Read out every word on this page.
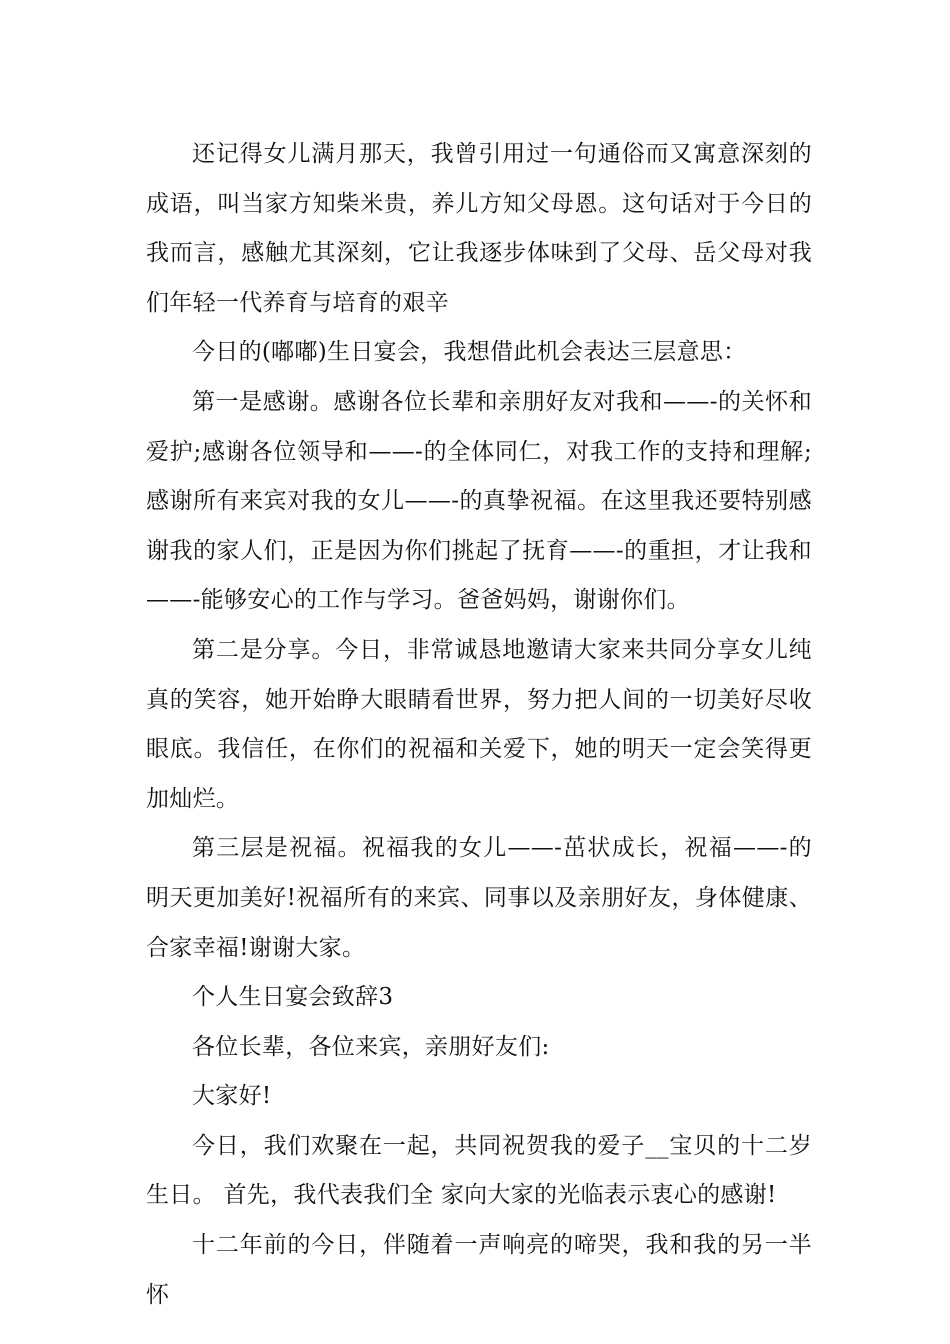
还记得女儿满月那天，我曾引用过一句通俗而又寓意深刻的成语，叫当家方知柴米贵，养儿方知父母恩。这句话对于今日的我而言，感触尤其深刻，它让我逐步体味到了父母、岳父母对我们年轻一代养育与培育的艰辛

今日的(嘟嘟)生日宴会，我想借此机会表达三层意思：

第一是感谢。感谢各位长辈和亲朋好友对我和——-的关怀和爱护;感谢各位领导和——-的全体同仁，对我工作的支持和理解;感谢所有来宾对我的女儿——-的真挚祝福。在这里我还要特别感谢我的家人们，正是因为你们挑起了抚育——-的重担，才让我和——-能够安心的工作与学习。爸爸妈妈，谢谢你们。

第二是分享。今日，非常诚恳地邀请大家来共同分享女儿纯真的笑容，她开始睁大眼睛看世界，努力把人间的一切美好尽收眼底。我信任，在你们的祝福和关爱下，她的明天一定会笑得更加灿烂。

第三层是祝福。祝福我的女儿——-茁状成长，祝福——-的明天更加美好!祝福所有的来宾、同事以及亲朋好友，身体健康、合家幸福!谢谢大家。

个人生日宴会致辞3

各位长辈，各位来宾，亲朋好友们:

大家好!

今日，我们欢聚在一起，共同祝贺我的爱子__宝贝的十二岁生日。 首先，我代表我们全 家向大家的光临表示衷心的感谢!

十二年前的今日，伴随着一声响亮的啼哭，我和我的另一半怀
